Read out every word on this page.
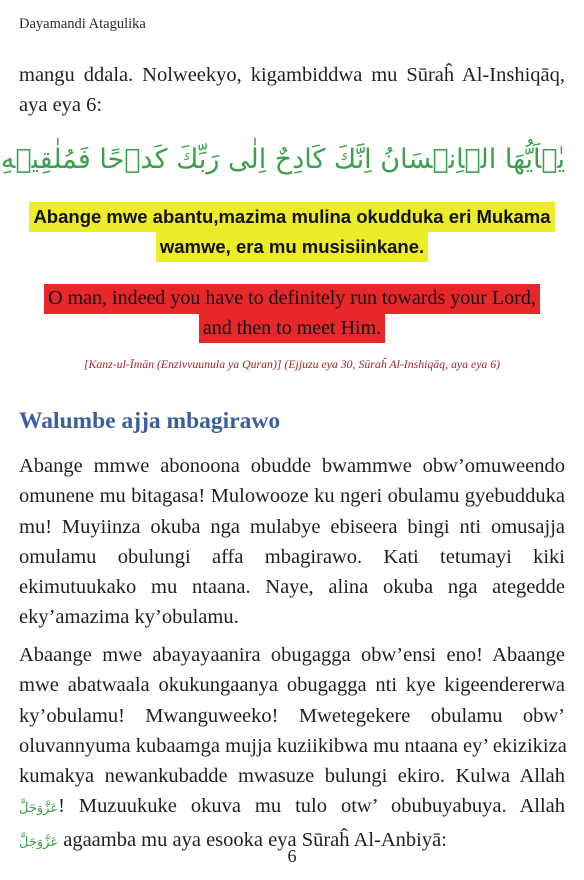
Dayamandi Atagulika
mangu ddala. Nolweekyo, kigambiddwa mu Sūraĥ Al-Inshiqāq,
aya eya 6:
يٰۤاَيُّهَا الۡاِنۡسَانُ اِنَّكَ كَادِحٌ اِلٰى رَبِّكَ كَدۡحًا فَمُلٰقِيۡهِ
Abange mwe abantu,mazima mulina okudduka eri Mukama
wamwe, era mu musisiinkane.
O man, indeed you have to definitely run towards your Lord,
and then to meet Him.
[Kanz-ul-Īmān (Enzivvuunula ya Quran)] (Ejjuzu eya 30, Sūraĥ Al-Inshiqāq, aya eya 6)
Walumbe ajja mbagirawo
Abange mmwe abonoona obudde bwammwe obw’omuweendo
omunene mu bitagasa! Mulowooze ku ngeri obulamu gyebudduka
mu! Muyiinza okuba nga mulabye ebiseera bingi nti omusajja
omulamu obulungi affa mbagirawo. Kati tetumayi kiki
ekimutuukako mu ntaana. Naye, alina okuba nga ategedde
eky’amazima ky’obulamu.
Abaange mwe abayayaanira obugagga obw’ensi eno! Abaange
mwe abatwaala okukungaanya obugagga nti kye kigeendererwa
ky’obulamu! Mwanguweeko! Mwetegekere obulamu obw’
oluvannyuma kubaamga mujja kuziikibwa mu ntaana ey’ ekizikiza
kumakya newankubadde mwasuze bulungi ekiro. Kulwa Allah
عَزَّوَجَلَّ! Muzuukuke okuva mu tulo otw’ obubuyabuya. Allah
عَزَّوَجَلَّ agaamba mu aya esooka eya Sūraĥ Al-Anbiyā:
6
